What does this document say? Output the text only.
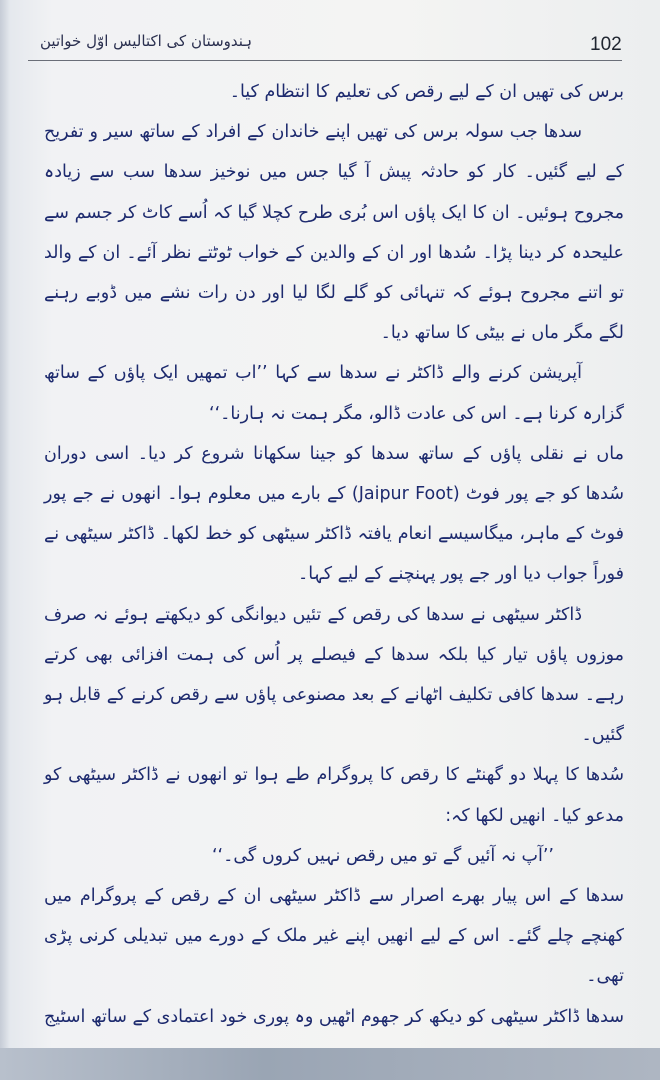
ہندوستان کی اکتالیس اوّل خواتین	102

برس کی تھیں ان کے لیے رقص کی تعلیم کا انتظام کیا۔

سدھا جب سولہ برس کی تھیں اپنے خاندان کے افراد کے ساتھ سیر و تفریح کے لیے گئیں۔ کار کو حادثہ پیش آ گیا جس میں نوخیز سدھا سب سے زیادہ مجروح ہوئیں۔ ان کا ایک پاؤں اس بُری طرح کچلا گیا کہ اُسے کاٹ کر جسم سے علیحدہ کر دینا پڑا۔ سُدھا اور ان کے والدین کے خواب ٹوٹتے نظر آئے۔ ان کے والد تو اتنے مجروح ہوئے کہ تنہائی کو گلے لگا لیا اور دن رات نشے میں ڈوبے رہنے لگے مگر ماں نے بیٹی کا ساتھ دیا۔

آپریشن کرنے والے ڈاکٹر نے سدھا سے کہا ’’اب تمھیں ایک پاؤں کے ساتھ گزارہ کرنا ہے۔ اس کی عادت ڈالو، مگر ہمت نہ ہارنا۔‘‘

ماں نے نقلی پاؤں کے ساتھ سدھا کو جینا سکھانا شروع کر دیا۔ اسی دوران سُدھا کو جے پور فوٹ (Jaipur Foot) کے بارے میں معلوم ہوا۔ انھوں نے جے پور فوٹ کے ماہر، میگاسیسے انعام یافتہ ڈاکٹر سیٹھی کو خط لکھا۔ ڈاکٹر سیٹھی نے فوراً جواب دیا اور جے پور پہنچنے کے لیے کہا۔

ڈاکٹر سیٹھی نے سدھا کی رقص کے تئیں دیوانگی کو دیکھتے ہوئے نہ صرف موزوں پاؤں تیار کیا بلکہ سدھا کے فیصلے پر اُس کی ہمت افزائی بھی کرتے رہے۔ سدھا کافی تکلیف اٹھانے کے بعد مصنوعی پاؤں سے رقص کرنے کے قابل ہو گئیں۔

سُدھا کا پہلا دو گھنٹے کا رقص کا پروگرام طے ہوا تو انھوں نے ڈاکٹر سیٹھی کو مدعو کیا۔ انھیں لکھا کہ:

’’آپ نہ آئیں گے تو میں رقص نہیں کروں گی۔‘‘

سدھا کے اس پیار بھرے اصرار سے ڈاکٹر سیٹھی ان کے رقص کے پروگرام میں کھنچے چلے گئے۔ اس کے لیے انھیں اپنے غیر ملک کے دورے میں تبدیلی کرنی پڑی تھی۔

سدھا ڈاکٹر سیٹھی کو دیکھ کر جھوم اٹھیں وہ پوری خود اعتمادی کے ساتھ اسٹیج
